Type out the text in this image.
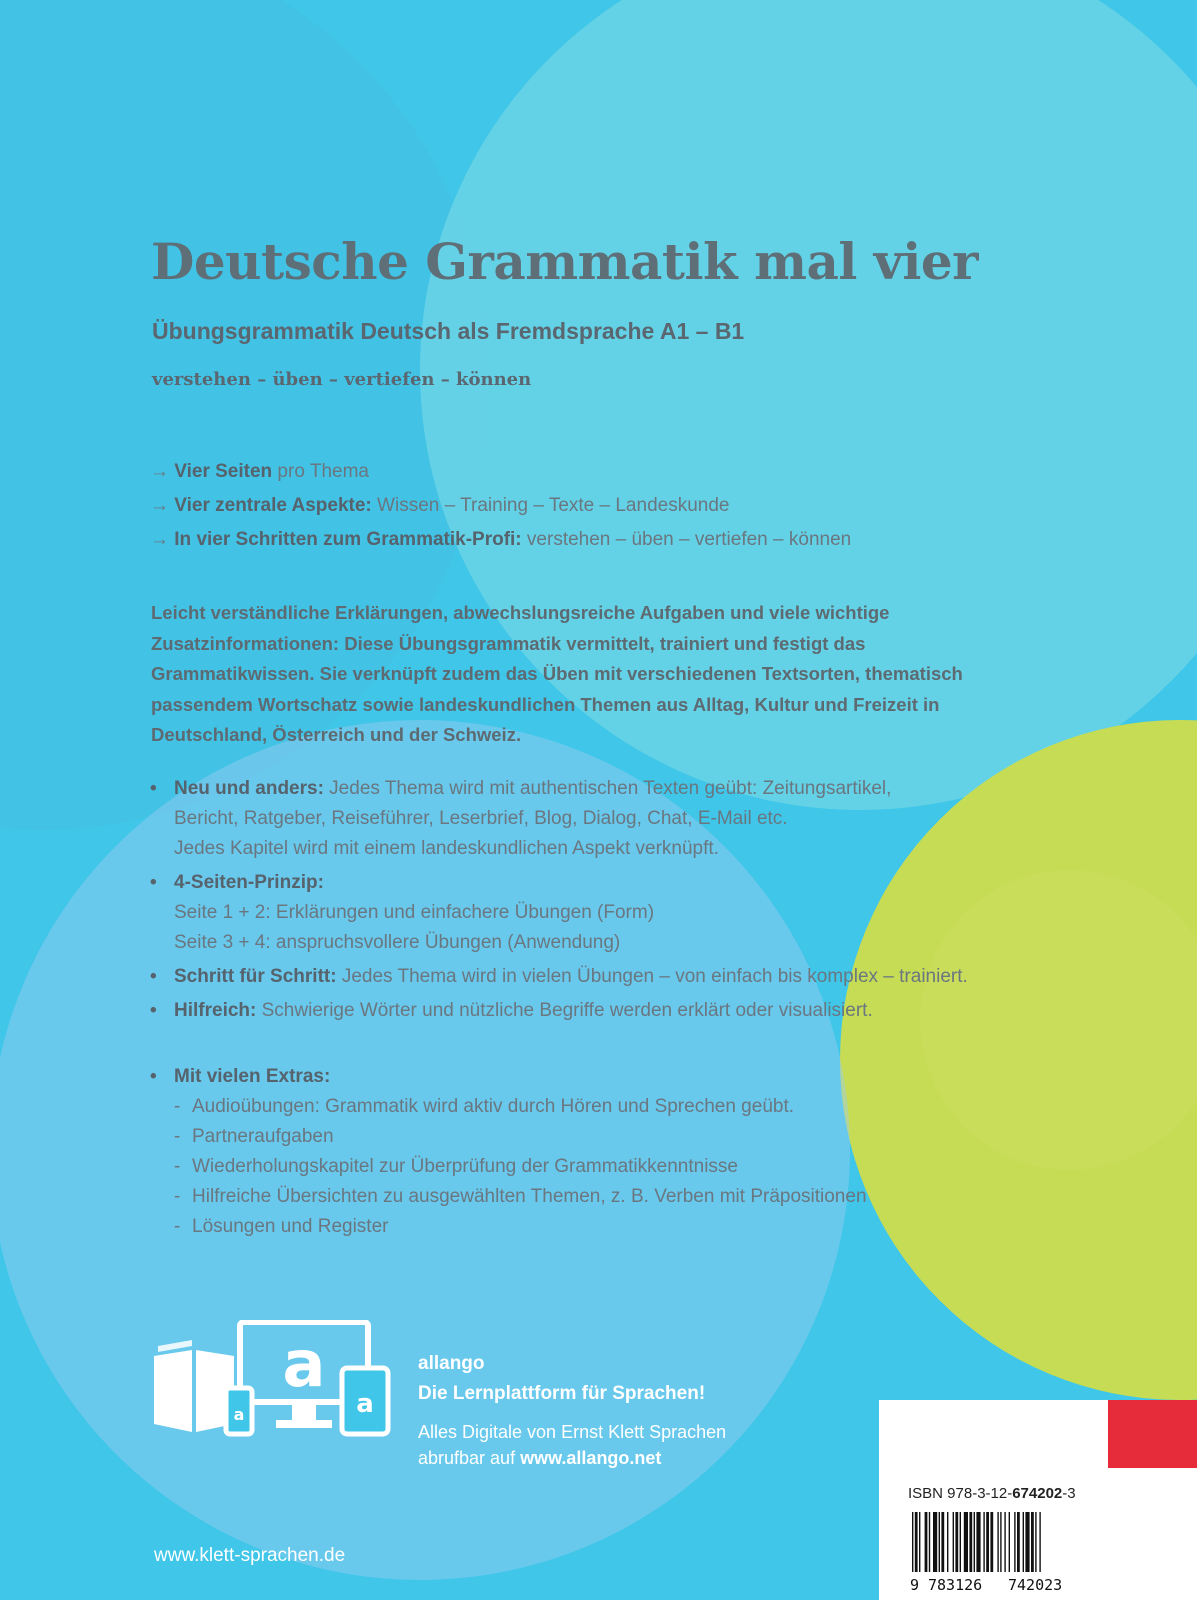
Deutsche Grammatik mal vier
Übungsgrammatik Deutsch als Fremdsprache A1 – B1

verstehen – üben – vertiefen – können

→ Vier Seiten pro Thema
→ Vier zentrale Aspekte: Wissen – Training – Texte – Landeskunde
→ In vier Schritten zum Grammatik-Profi: verstehen – üben – vertiefen – können

Leicht verständliche Erklärungen, abwechslungsreiche Aufgaben und viele wichtige Zusatzinformationen: Diese Übungsgrammatik vermittelt, trainiert und festigt das Grammatikwissen. Sie verknüpft zudem das Üben mit verschiedenen Textsorten, thematisch passendem Wortschatz sowie landeskundlichen Themen aus Alltag, Kultur und Freizeit in Deutschland, Österreich und der Schweiz.

• Neu und anders: Jedes Thema wird mit authentischen Texten geübt: Zeitungsartikel,
Bericht, Ratgeber, Reiseführer, Leserbrief, Blog, Dialog, Chat, E-Mail etc.
Jedes Kapitel wird mit einem landeskundlichen Aspekt verknüpft.
• 4-Seiten-Prinzip:
Seite 1 + 2: Erklärungen und einfachere Übungen (Form)
Seite 3 + 4: anspruchsvollere Übungen (Anwendung)
• Schritt für Schritt: Jedes Thema wird in vielen Übungen – von einfach bis komplex – trainiert.
• Hilfreich: Schwierige Wörter und nützliche Begriffe werden erklärt oder visualisiert.
• Mit vielen Extras:
- Audioübungen: Grammatik wird aktiv durch Hören und Sprechen geübt.
- Partneraufgaben
- Wiederholungskapitel zur Überprüfung der Grammatikkenntnisse
- Hilfreiche Übersichten zu ausgewählten Themen, z. B. Verben mit Präpositionen
- Lösungen und Register
a
a	a
allango
Die Lernplattform für Sprachen!
Alles Digitale von Ernst Klett Sprachen
abrufbar auf www.allango.net
www.klett-sprachen.de
ISBN 978-3-12-674202-3
9 783126 742023
